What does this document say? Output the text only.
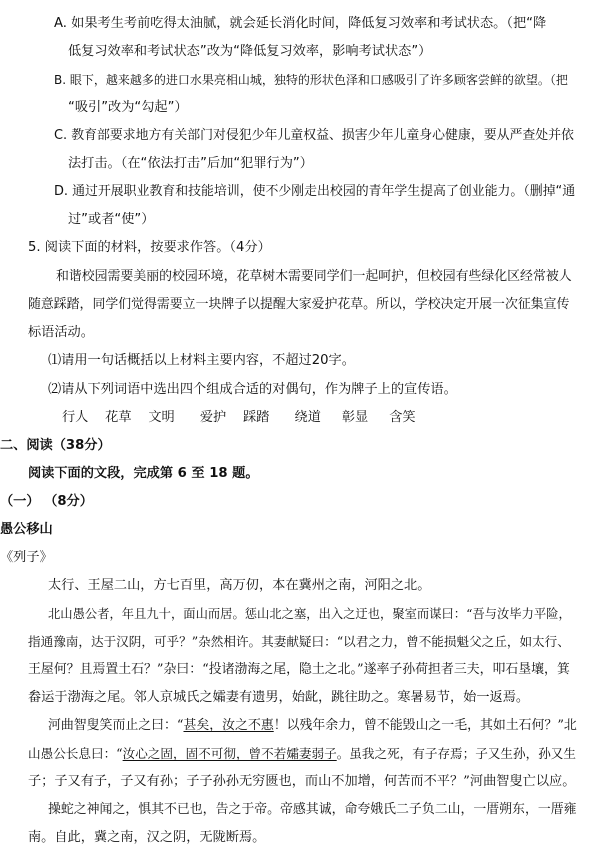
A. 如果考生考前吃得太油腻，就会延长消化时间，降低复习效率和考试状态。（把“降
低复习效率和考试状态”改为“降低复习效率，影响考试状态”）
B. 眼下，越来越多的进口水果亮相山城，独特的形状色泽和口感吸引了许多顾客尝鲜的欲望。（把
“吸引”改为“勾起”）
C. 教育部要求地方有关部门对侵犯少年儿童权益、损害少年儿童身心健康，要从严查处并依
法打击。（在“依法打击”后加“犯罪行为”）
D. 通过开展职业教育和技能培训，使不少刚走出校园的青年学生提高了创业能力。（删掉“通
过”或者“使”）
5. 阅读下面的材料，按要求作答。（4分）
和谐校园需要美丽的校园环境，花草树木需要同学们一起呵护，但校园有些绿化区经常被人
随意踩踏，同学们觉得需要立一块牌子以提醒大家爱护花草。所以，学校决定开展一次征集宣传
标语活动。
⑴请用一句话概括以上材料主要内容，不超过20字。
⑵请从下列词语中选出四个组成合适的对偶句，作为牌子上的宣传语。
行人 花草 文明 爱护 踩踏 绕道 彰显 含笑
二、阅读（38分）
阅读下面的文段，完成第 6 至 18 题。
（一） （8分）
愚公移山
《列子》
太行、王屋二山，方七百里，高万仞，本在冀州之南，河阳之北。
北山愚公者，年且九十，面山而居。惩山北之塞，出入之迂也，聚室而谋曰：“吾与汝毕力平险，
指通豫南，达于汉阴，可乎？”杂然相许。其妻献疑曰：“以君之力，曾不能损魁父之丘，如太行、
王屋何？且焉置土石？”杂曰：“投诸渤海之尾，隐土之北。”遂率子孙荷担者三夫，叩石垦壤，箕
畚运于渤海之尾。邻人京城氏之孀妻有遗男，始龀，跳往助之。寒暑易节，始一返焉。
河曲智叟笑而止之曰：“甚矣，汝之不惠！以残年余力，曾不能毁山之一毛，其如土石何？”北
山愚公长息曰：“汝心之固，固不可彻，曾不若孀妻弱子。虽我之死，有子存焉；子又生孙，孙又生
子；子又有子，子又有孙；子子孙孙无穷匮也，而山不加增，何苦而不平？”河曲智叟亡以应。
操蛇之神闻之，惧其不已也，告之于帝。帝感其诚，命夸娥氏二子负二山，一厝朔东，一厝雍
南。自此，冀之南，汉之阴，无陇断焉。
